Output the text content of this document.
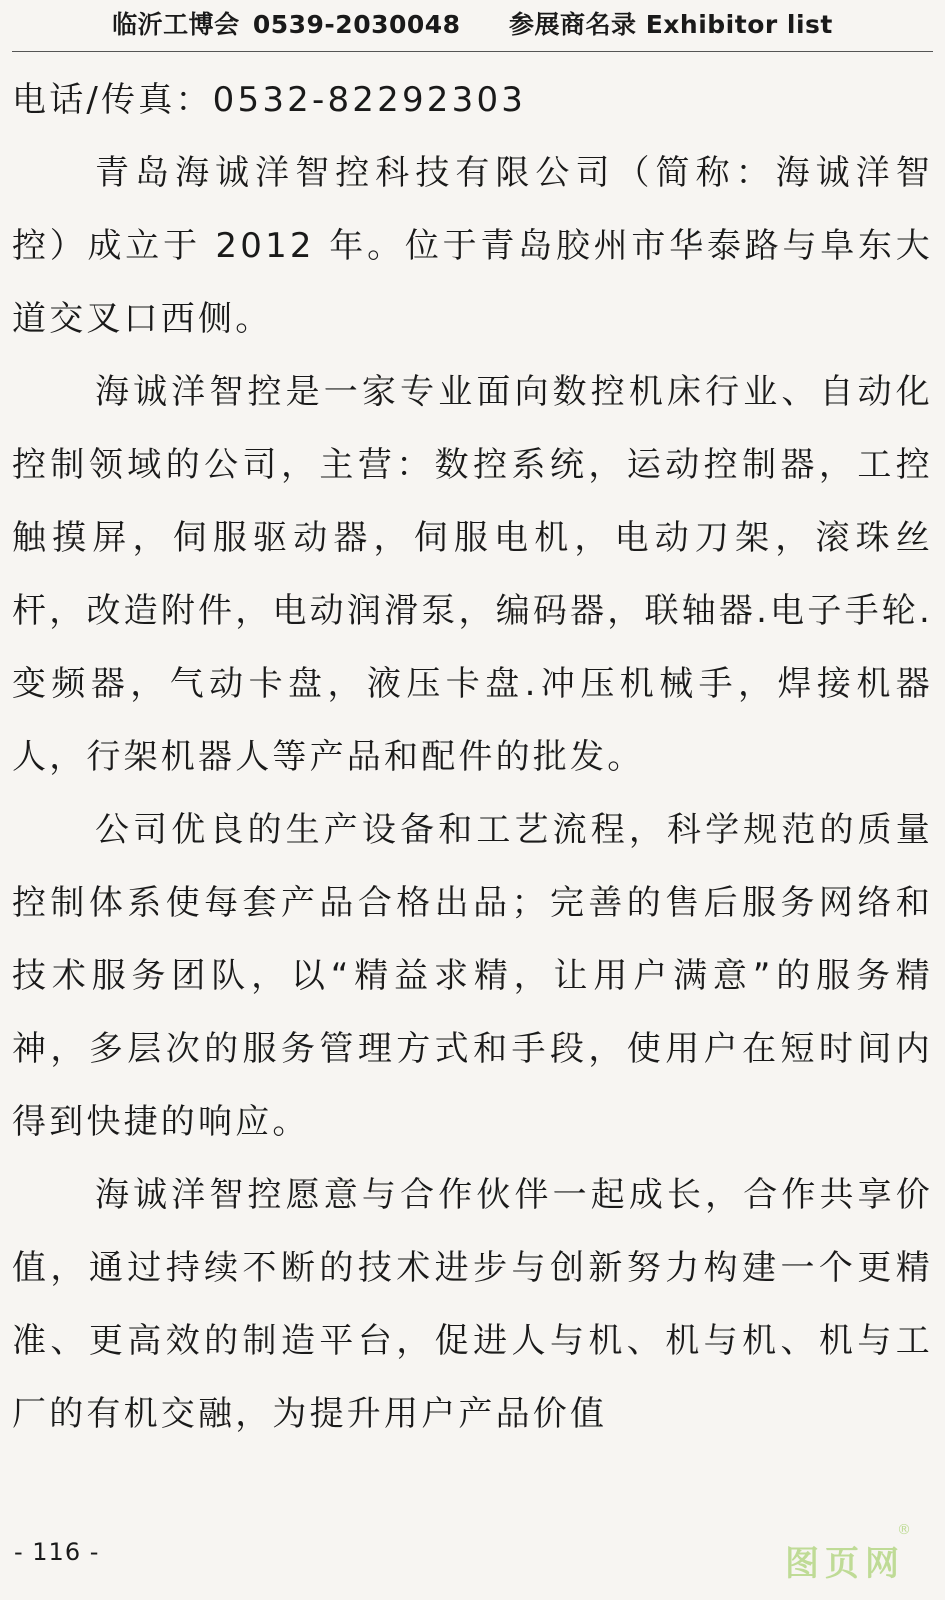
临沂工博会 0539-2030048 参展商名录 Exhibitor list

电话/传真：0532-82292303

青岛海诚洋智控科技有限公司（简称：海诚洋智控）成立于 2012 年。位于青岛胶州市华泰路与阜东大道交叉口西侧。

海诚洋智控是一家专业面向数控机床行业、自动化控制领域的公司，主营：数控系统，运动控制器，工控触摸屏，伺服驱动器，伺服电机，电动刀架，滚珠丝杆，改造附件，电动润滑泵，编码器，联轴器.电子手轮.变频器，气动卡盘，液压卡盘.冲压机械手，焊接机器人，行架机器人等产品和配件的批发。

公司优良的生产设备和工艺流程，科学规范的质量控制体系使每套产品合格出品；完善的售后服务网络和技术服务团队，以“精益求精，让用户满意”的服务精神，多层次的服务管理方式和手段，使用户在短时间内得到快捷的响应。

海诚洋智控愿意与合作伙伴一起成长，合作共享价值，通过持续不断的技术进步与创新努力构建一个更精准、更高效的制造平台，促进人与机、机与机、机与工厂的有机交融，为提升用户产品价值

- 116 -	图页网
®
